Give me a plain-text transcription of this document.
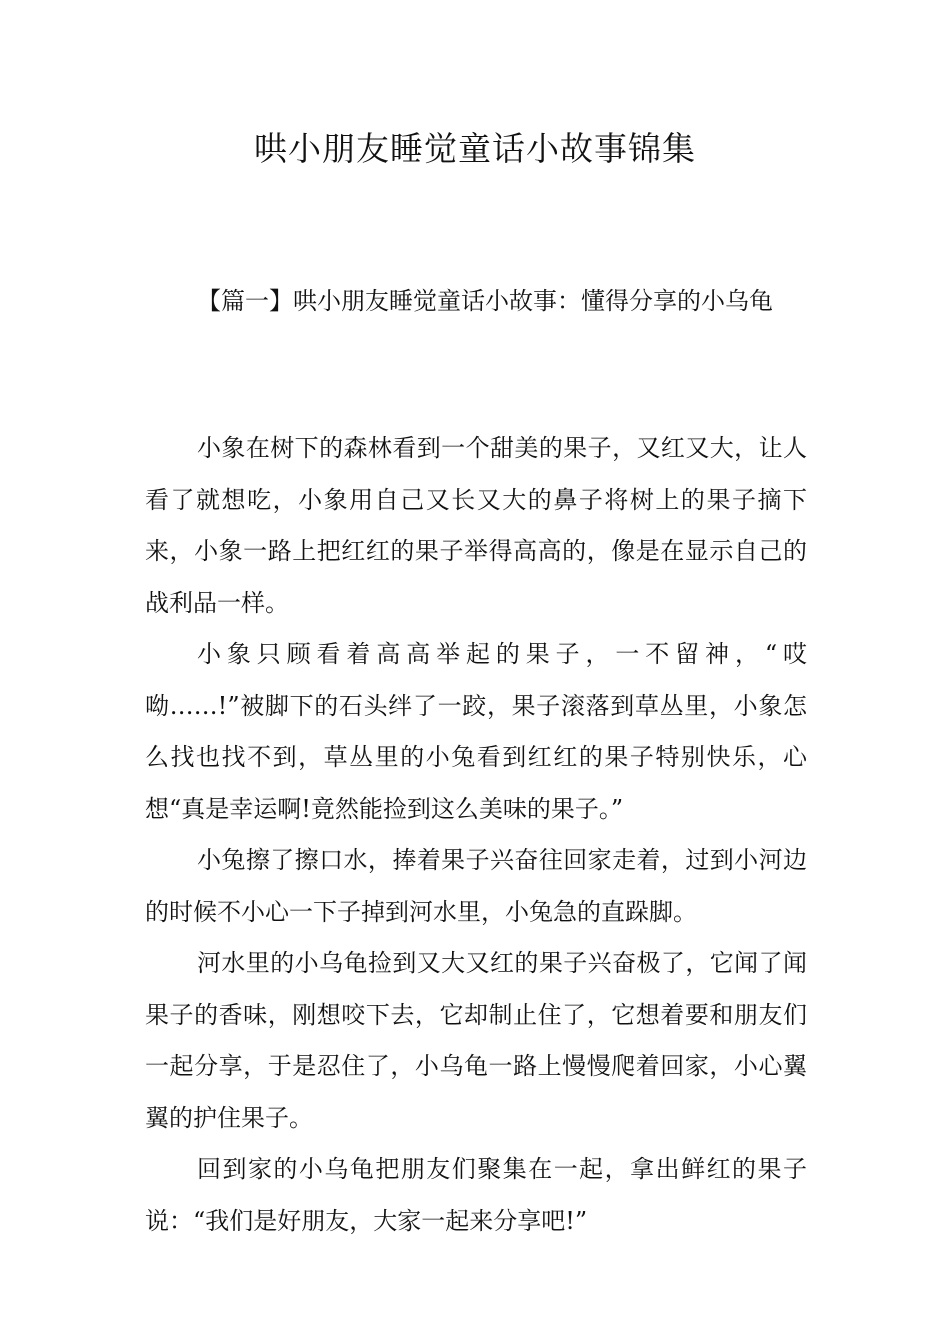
哄小朋友睡觉童话小故事锦集

【篇一】哄小朋友睡觉童话小故事：懂得分享的小乌龟

小象在树下的森林看到一个甜美的果子，又红又大，让人看了就想吃，小象用自己又长又大的鼻子将树上的果子摘下来，小象一路上把红红的果子举得高高的，像是在显示自己的战利品一样。

小象只顾看着高高举起的果子，一不留神，“哎呦……!”被脚下的石头绊了一跤，果子滚落到草丛里，小象怎么找也找不到，草丛里的小兔看到红红的果子特别快乐，心想“真是幸运啊!竟然能捡到这么美味的果子。”

小兔擦了擦口水，捧着果子兴奋往回家走着，过到小河边的时候不小心一下子掉到河水里，小兔急的直跺脚。

河水里的小乌龟捡到又大又红的果子兴奋极了，它闻了闻果子的香味，刚想咬下去，它却制止住了，它想着要和朋友们一起分享，于是忍住了，小乌龟一路上慢慢爬着回家，小心翼翼的护住果子。

回到家的小乌龟把朋友们聚集在一起，拿出鲜红的果子说：“我们是好朋友，大家一起来分享吧!”
